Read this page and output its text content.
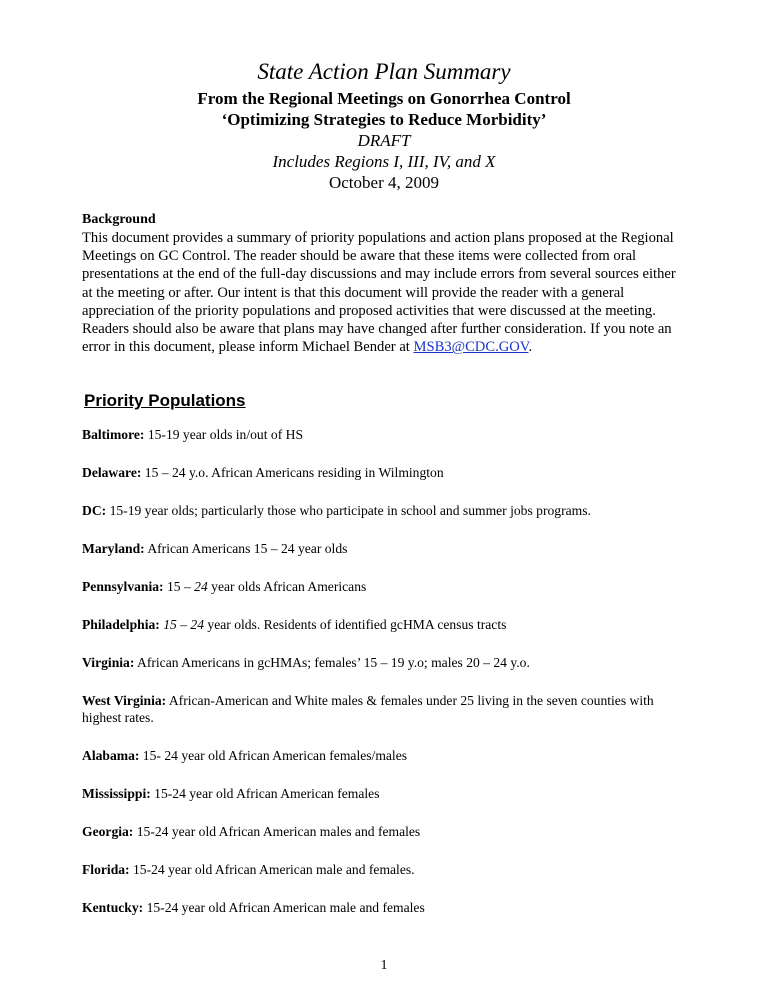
State Action Plan Summary
From the Regional Meetings on Gonorrhea Control
‘Optimizing Strategies to Reduce Morbidity’
DRAFT
Includes Regions I, III, IV, and X
October 4, 2009
Background
This document provides a summary of priority populations and action plans proposed at the Regional Meetings on GC Control. The reader should be aware that these items were collected from oral presentations at the end of the full-day discussions and may include errors from several sources either at the meeting or after. Our intent is that this document will provide the reader with a general appreciation of the priority populations and proposed activities that were discussed at the meeting. Readers should also be aware that plans may have changed after further consideration. If you note an error in this document, please inform Michael Bender at MSB3@CDC.GOV.
Priority Populations
Baltimore: 15-19 year olds in/out of HS
Delaware: 15 – 24 y.o. African Americans residing in Wilmington
DC: 15-19 year olds; particularly those who participate in school and summer jobs programs.
Maryland: African Americans 15 – 24 year olds
Pennsylvania: 15 – 24 year olds African Americans
Philadelphia: 15 – 24 year olds. Residents of identified gcHMA census tracts
Virginia: African Americans in gcHMAs; females’ 15 – 19 y.o; males 20 – 24 y.o.
West Virginia: African-American and White males & females under 25 living in the seven counties with highest rates.
Alabama: 15- 24 year old African American females/males
Mississippi: 15-24 year old African American females
Georgia: 15-24 year old African American males and females
Florida: 15-24 year old African American male and females.
Kentucky: 15-24 year old African American male and females
1
